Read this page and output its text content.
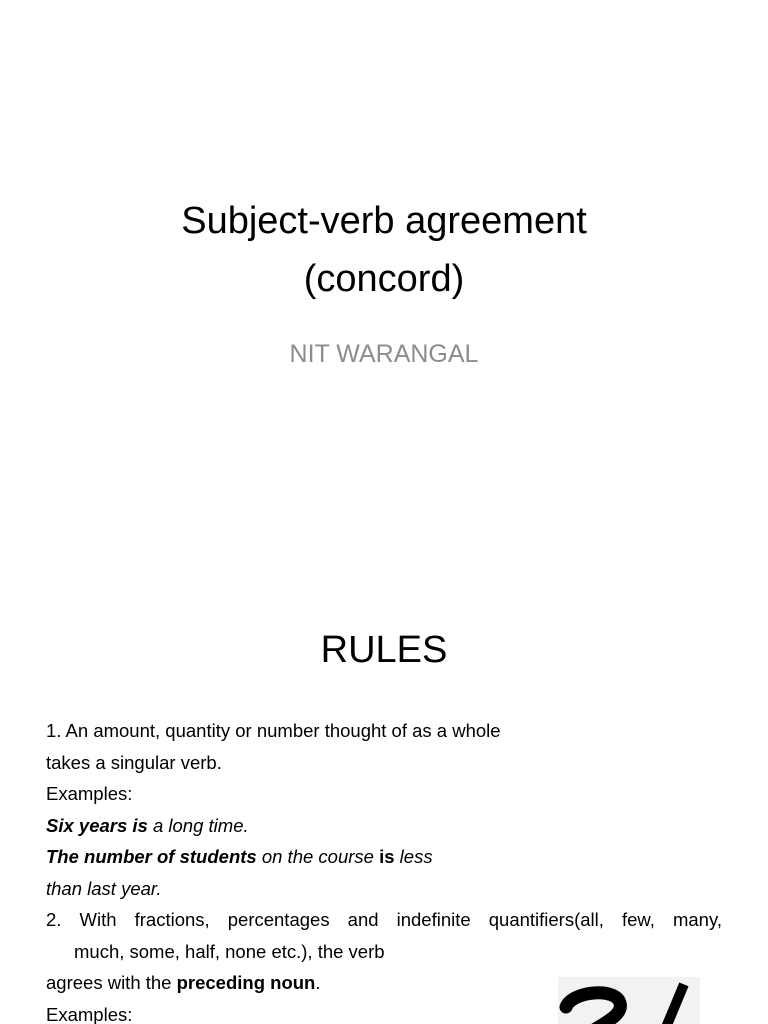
Subject-verb agreement
(concord)
NIT WARANGAL
RULES
1. An amount, quantity or number thought of as a whole
takes a singular verb.
Examples:
Six years is a long time.
The number of students on the course is less
than last year.
2. With fractions, percentages and indefinite quantifiers(all, few, many,
much, some, half, none etc.), the verb
agrees with the preceding noun.
Examples:
